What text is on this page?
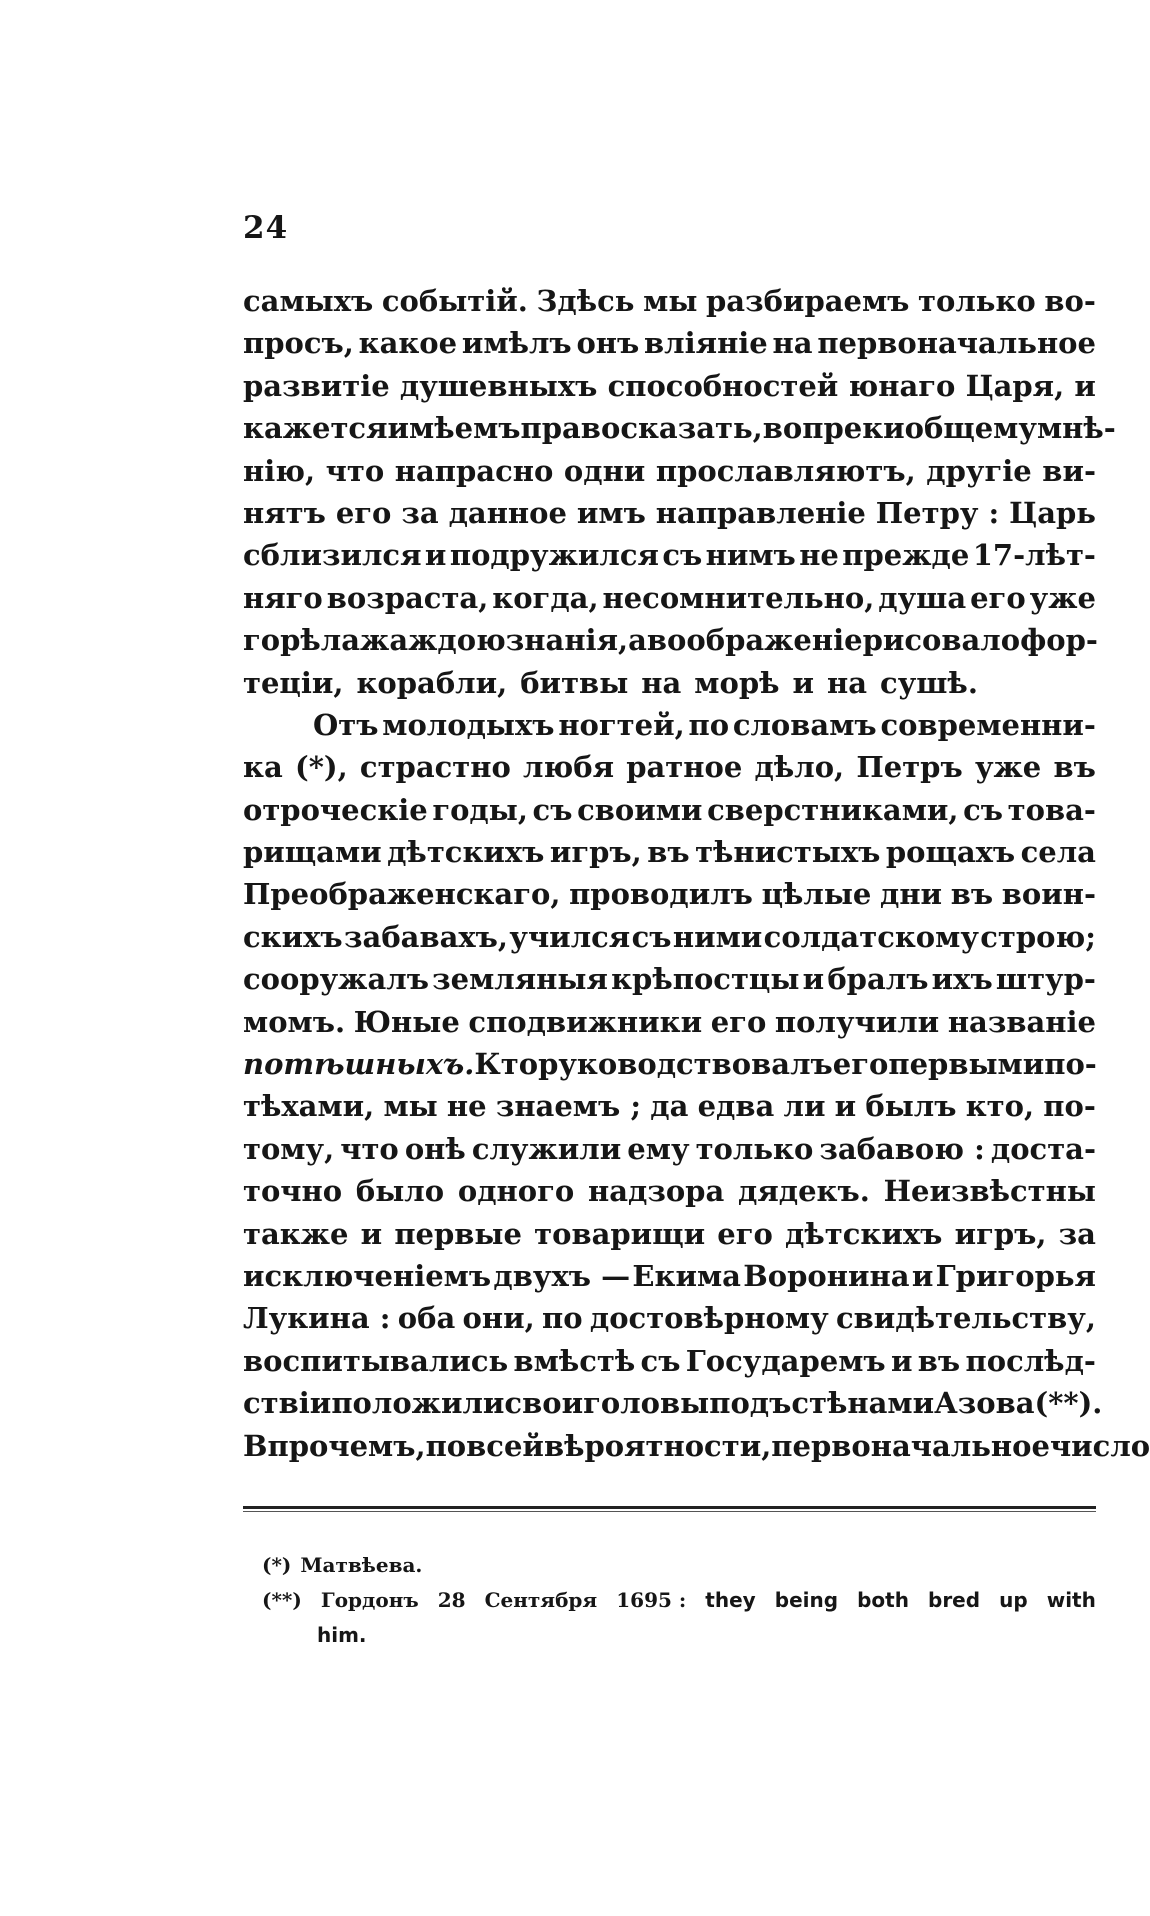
24
самыхъ событій. Здѣсь мы разбираемъ только во-
просъ, какое имѣлъ онъ вліяніе на первоначальное
развитіе душевныхъ способностей юнаго Царя, и
кажется имѣемъ право сказать, вопреки общему мнѣ-
нію, что напрасно одни прославляютъ, другіе ви-
нятъ его за данное имъ направленіе Петру : Царь
сблизился и подружился съ нимъ не прежде 17-лѣт-
няго возраста, когда, несомнительно, душа его уже
горѣла жаждою знанія, а воображеніе рисовало фор-
теціи, корабли, битвы на морѣ и на сушѣ.
Отъ молодыхъ ногтей, по словамъ современни-
ка (*), страстно любя ратное дѣло, Петръ уже въ
отроческіе годы, съ своими сверстниками, съ това-
рищами дѣтскихъ игръ, въ тѣнистыхъ рощахъ села
Преображенскаго, проводилъ цѣлые дни въ воин-
скихъ забавахъ, учился съ ними солдатскому строю;
сооружалъ земляныя крѣпостцы и бралъ ихъ штур-
момъ. Юные сподвижники его получили названіе
потѣшныхъ. Кто руководствовалъ его первыми по-
тѣхами, мы не знаемъ ; да едва ли и былъ кто, по-
тому, что онѣ служили ему только забавою : доста-
точно было одного надзора дядекъ. Неизвѣстны
также и первые товарищи его дѣтскихъ игръ, за
исключеніемъ двухъ — Екима Воронина и Григорья
Лукина : оба они, по достовѣрному свидѣтельству,
воспитывались вмѣстѣ съ Государемъ и въ послѣд-
ствіи положили свои головы подъ стѣнами Азова (**).
Впрочемъ, по всей вѣроятности, первоначальное число
(*) Матвѣева.
(**) Гордонъ 28 Сентября 1695 : they being both bred up with
him.
